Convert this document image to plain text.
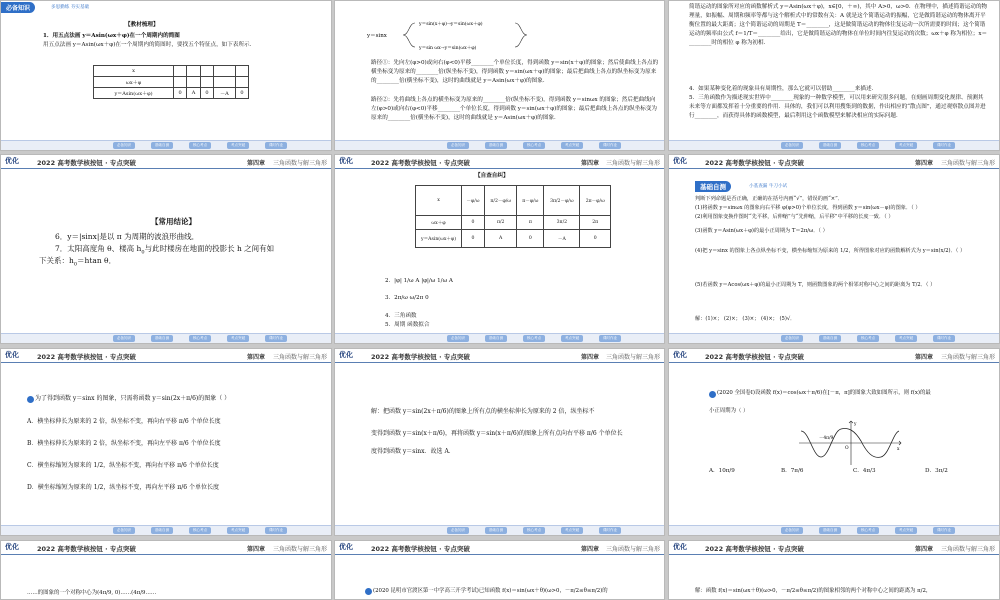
必备知识	多思勤练 夯实基础
【教材梳理】
1．用五点法画 y＝Asin(ωx＋φ)在一个周期内的简图
用五点法画 y＝Asin(ωx＋φ)在一个周期内的简图时，要找五个特征点，如下表所示．
x					
ωx＋φ					
y＝Asin(ωx＋φ)	0	A	0	－A	0
必备知识	基础自测	核心考点	考点突破	课时作业
y＝sinx
y＝sin(x＋φ)→y＝sin(ωx＋φ)
y＝sin ωx→y＝sin(ωx＋φ)
路径①：先向左(φ>0)或向右(φ<0)平移________个单位长度，得到函数 y＝sin(x＋φ)的图象；然后使曲线上各点的横坐标变为原来的________倍(纵坐标不变)，得到函数 y＝sin(ωx＋φ)的图象；最后把曲线上各点的纵坐标变为原来的________倍(横坐标不变)，这时的曲线就是 y＝Asin(ωx＋φ)的图象．
路径②：先将曲线上各点的横坐标变为原来的________倍(纵坐标不变)，得到函数 y＝sinωx 的图象；然后把曲线向左(φ>0)或向右(φ<0)平移________个单位长度，得到函数 y＝sin(ωx＋φ)的图象；最后把曲线上各点的纵坐标变为原来的________倍(横坐标不变)，这时的曲线就是 y＝Asin(ωx＋φ)的图象．
必备知识	基础自测	核心考点	考点突破	课时作业
简谐运动的图象所对应的函数解析式 y＝Asin(ωx＋φ)，x∈[0，＋∞)，其中 A>0，ω>0．在物理中，描述简谐运动的物理量，如振幅、周期和频率等都与这个解析式中的常数有关：A 就是这个简谐运动的振幅，它是做简谐运动的物体离开平衡位置的最大距离；这个简谐运动的周期是 T＝________，这是做简谐运动的物体往复运动一次所需要的时间；这个简谐运动的频率由公式 f＝1/T＝________给出，它是做简谐运动的物体在单位时间内往复运动的次数；ωx＋φ 称为相位；x＝________时的相位 φ 称为初相．
4．如果某种变化着的现象具有周期性，那么它就可以借助________来描述．
5．三角函数作为描述现实世界中________现象的一种数学模型，可以用来研究很多问题，在刻画周期变化规律、预测其未来等方面都发挥着十分重要的作用．具体的，我们可以利用搜集到的数据，作出相应的“散点图”，通过观察散点图并进行________，而获得具体的函数模型，最后利用这个函数模型来解决相应的实际问题．
必备知识	基础自测	核心考点	考点突破	课时作业
优化	2022 高考数学核按钮 · 专点突破	第四章 三角函数与解三角形
【常用结论】
6．y＝|sinx|是以 π 为周期的波浪形曲线．
7．太阳高度角 θ、楼高 $h_0$与此时楼房在地面的投影长 h 之间有如
下关系：$h_0=htan$ θ．
必备知识	基础自测	核心考点	考点突破	课时作业
优化	2022 高考数学核按钮 · 专点突破	第四章 三角函数与解三角形
【自查自纠】
x	－φ/ω	π/2－φ/ω	π－φ/ω	3π/2－φ/ω	2π－φ/ω
ωx＋φ	0	π/2	π	3π/2	2π
y＝Asin(ωx＋φ)	0	A	0	－A	0
2．|φ| 1/ω A |φ|/ω 1/ω A
3．2π/ω ω/2π 0
4．三角函数
5．周期 函数拟合
必备知识	基础自测	核心考点	考点突破	课时作业
优化	2022 高考数学核按钮 · 专点突破	第四章 三角函数与解三角形
基础自测	小基查漏 牛刀小试
判断下列命题是否正确，正确的在括号内画“√”，错误的画“×”．
(1)将函数 y＝sinωx 的图象向右平移 φ(φ>0)个单位长度，得到函数 y＝sin(ωx－φ)的图象．（ ）
(2)利用图象变换作图时“先平移，后伸缩”与“先伸缩，后平移”中平移的长度一致．（ ）
(3)函数 y＝Asin(ωx＋φ)的最小正周期为 T＝2π/ω．（ ）
(4)把 y＝sinx 的图象上各点纵坐标不变，横坐标缩短为原来的 1/2，所得图象对应的函数解析式为 y＝sin(x/2)．（ ）
(5)若函数 y＝Acos(ωx＋φ)的最小正周期为 T，则函数图象的两个相邻对称中心之间的距离为 T/2．（ ）
解：(1)×； (2)×； (3)×； (4)×； (5)√．
必备知识	基础自测	核心考点	考点突破	课时作业
优化	2022 高考数学核按钮 · 专点突破	第四章 三角函数与解三角形
为了得到函数 y＝sinx 的图象，只需将函数 y＝sin(2x＋π/6)的图象（ ）
A．横坐标伸长为原来的 2 倍，纵坐标不变，再向右平移 π/6 个单位长度
B．横坐标伸长为原来的 2 倍，纵坐标不变，再向左平移 π/6 个单位长度
C．横坐标缩短为原来的 1/2，纵坐标不变，再向右平移 π/6 个单位长度
D．横坐标缩短为原来的 1/2，纵坐标不变，再向左平移 π/6 个单位长度
必备知识	基础自测	核心考点	考点突破	课时作业
优化	2022 高考数学核按钮 · 专点突破	第四章 三角函数与解三角形
解：把函数 y＝sin(2x＋π/6)的图象上所有点的横坐标伸长为原来的 2 倍，纵坐标不
变得到函数 y＝sin(x＋π/6)，再将函数 y＝sin(x＋π/6)的图象上所有点向右平移 π/6 个单位长
度得到函数 y＝sinx．故选 A．
必备知识	基础自测	核心考点	考点突破	课时作业
优化	2022 高考数学核按钮 · 专点突破	第四章 三角函数与解三角形
(2020 全国卷Ⅰ)设函数 f(x)＝cos(ωx＋π/6)在[－π，π]的图象大致如图所示，则 f(x)的最
小正周期为（ ）
－4π/9
O	x
y
A．10π/9	B．7π/6	C．4π/3	D．3π/2
必备知识	基础自测	核心考点	考点突破	课时作业
优化	2022 高考数学核按钮 · 专点突破	第四章 三角函数与解三角形
……的图象的一个对称中心为(4π/9, 0)……(4π/9……
优化	2022 高考数学核按钮 · 专点突破	第四章 三角函数与解三角形
(2020 昆明市官渡区第一中学高三开学考试)已知函数 f(x)＝sin(ωx＋θ)(ω>0，－π/2≤θ≤π/2)的
优化	2022 高考数学核按钮 · 专点突破	第四章 三角函数与解三角形
解：函数 f(x)＝sin(ωx＋θ)(ω>0，－π/2≤θ≤π/2)的图象相邻的两个对称中心之间的距离为 π/2，
